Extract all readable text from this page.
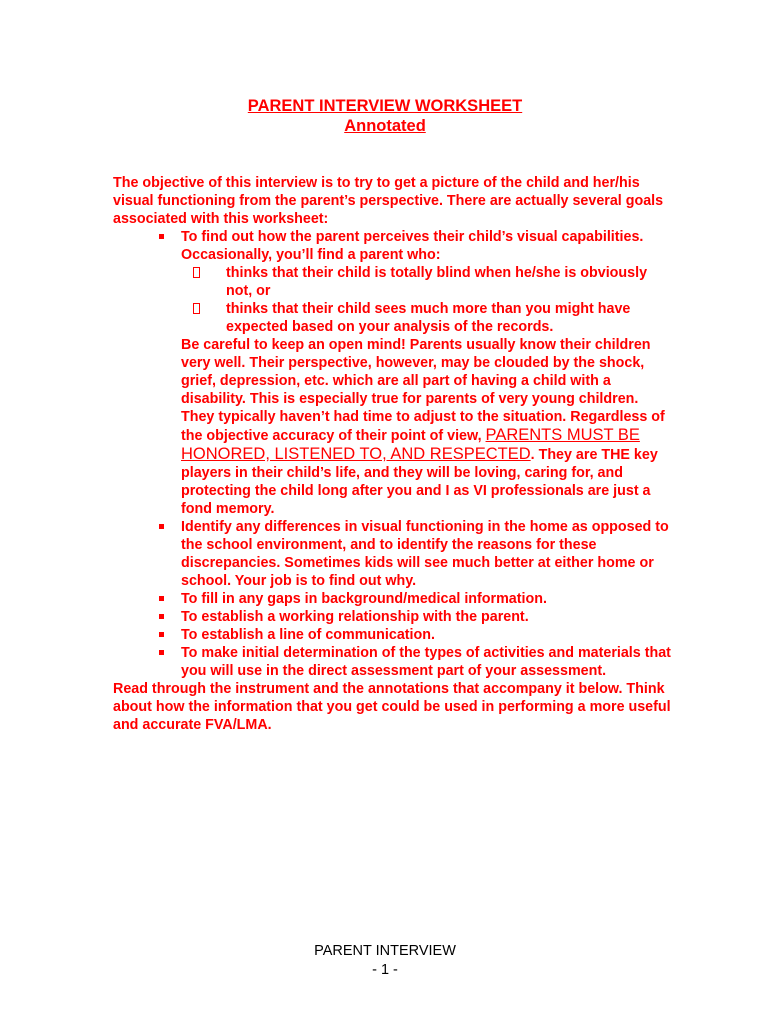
PARENT INTERVIEW WORKSHEET
Annotated

The objective of this interview is to try to get a picture of the child and her/his visual functioning from the parent’s perspective. There are actually several goals associated with this worksheet:

To find out how the parent perceives their child’s visual capabilities. Occasionally, you’ll find a parent who:
thinks that their child is totally blind when he/she is obviously not, or
thinks that their child sees much more than you might have expected based on your analysis of the records.
Be careful to keep an open mind! Parents usually know their children very well. Their perspective, however, may be clouded by the shock, grief, depression, etc. which are all part of having a child with a disability. This is especially true for parents of very young children. They typically haven’t had time to adjust to the situation. Regardless of the objective accuracy of their point of view, PARENTS MUST BE HONORED, LISTENED TO, AND RESPECTED. They are THE key players in their child’s life, and they will be loving, caring for, and protecting the child long after you and I as VI professionals are just a fond memory.
Identify any differences in visual functioning in the home as opposed to the school environment, and to identify the reasons for these discrepancies. Sometimes kids will see much better at either home or school. Your job is to find out why.
To fill in any gaps in background/medical information.
To establish a working relationship with the parent.
To establish a line of communication.
To make initial determination of the types of activities and materials that you will use in the direct assessment part of your assessment.

Read through the instrument and the annotations that accompany it below. Think about how the information that you get could be used in performing a more useful and accurate FVA/LMA.

PARENT INTERVIEW
- 1 -
